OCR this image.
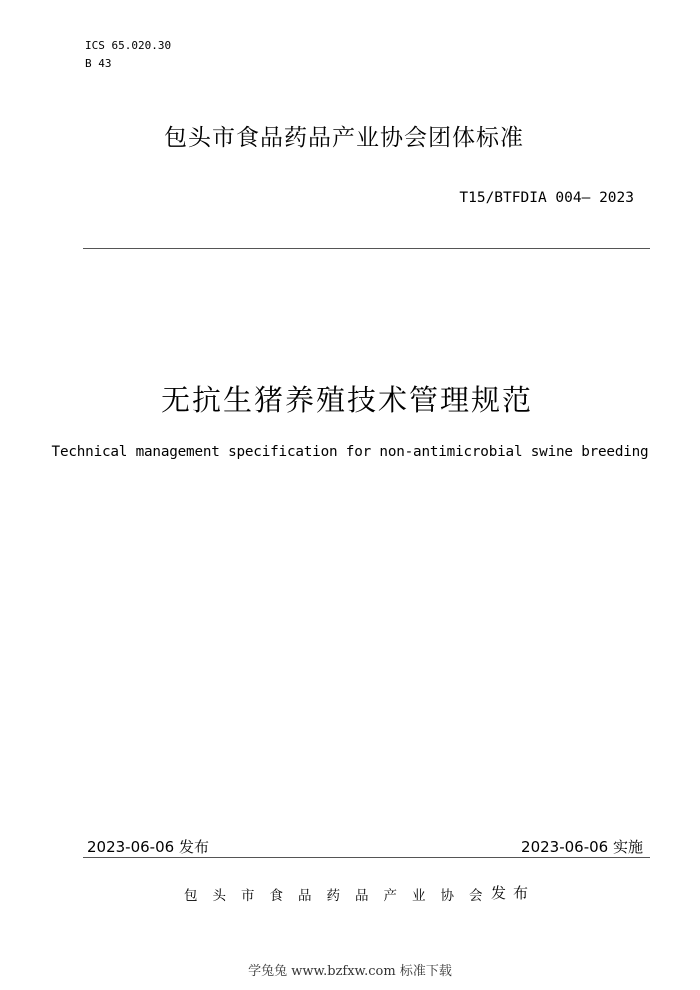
ICS 65.020.30
B 43
包头市食品药品产业协会团体标准
T15/BTFDIA 004— 2023
无抗生猪养殖技术管理规范
Technical management specification for non-antimicrobial swine breeding
2023-06-06 发布	2023-06-06 实施
包头市食品药品产业协会
发布
学兔兔 www.bzfxw.com 标准下载
